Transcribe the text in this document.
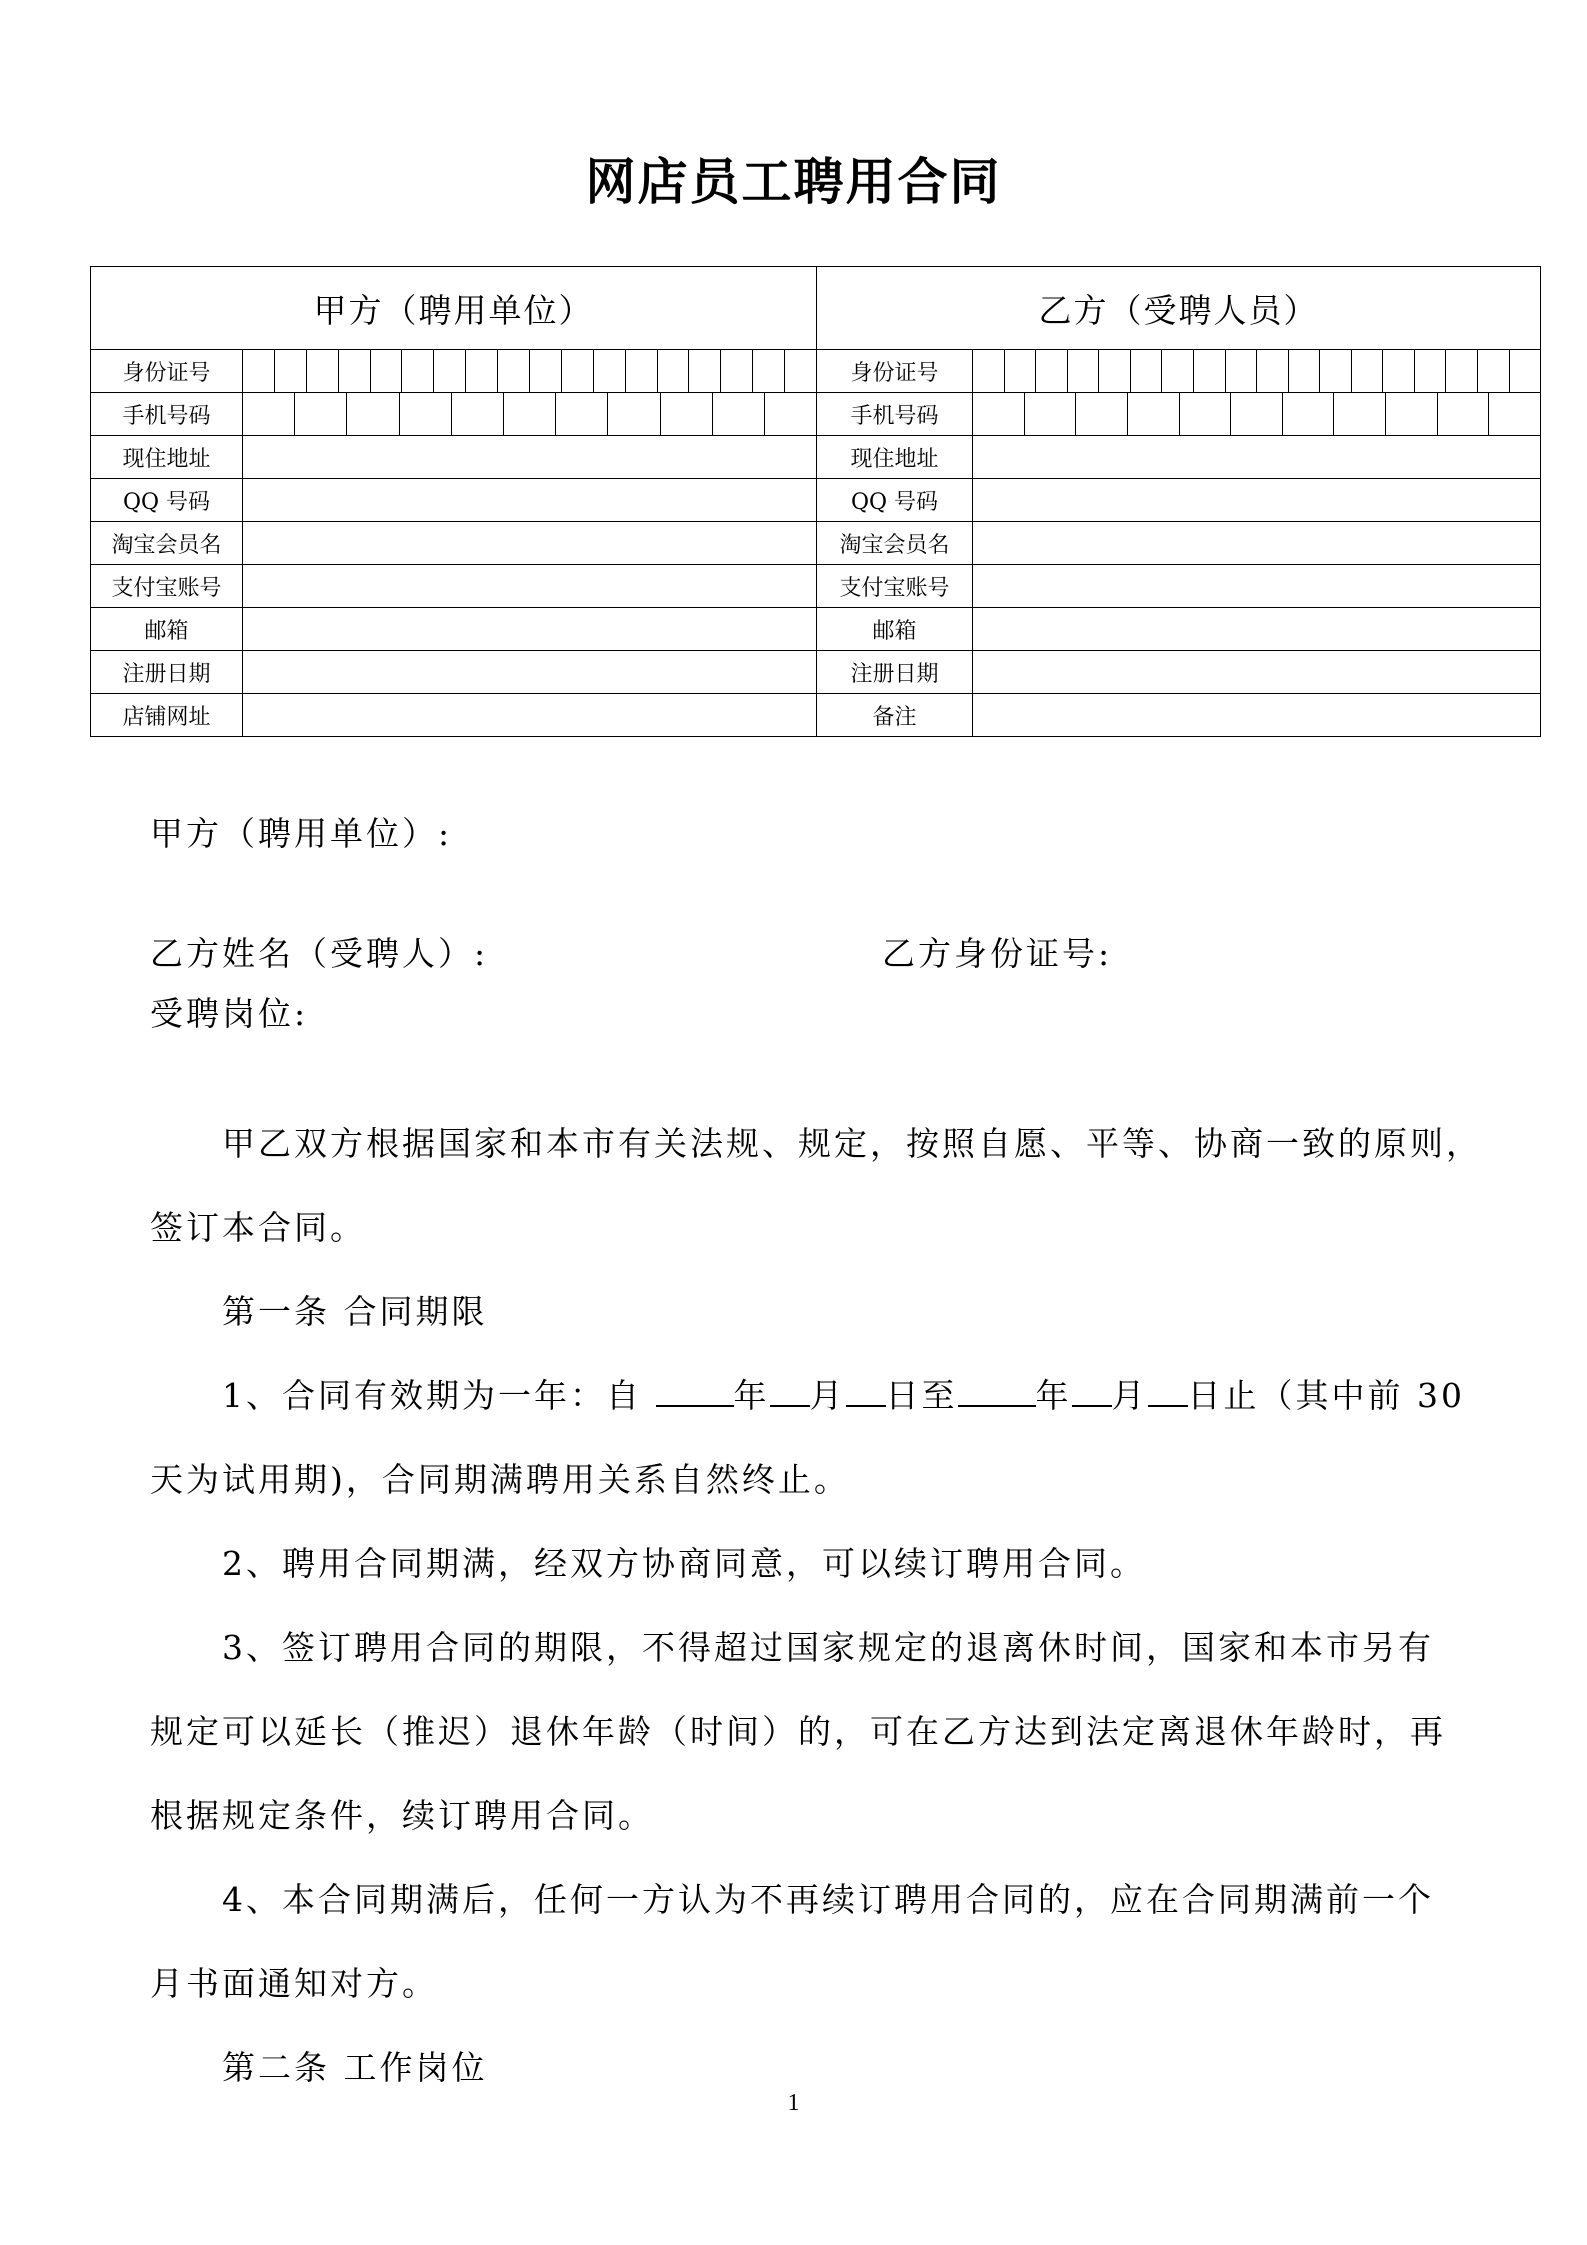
网店员工聘用合同
甲方（聘用单位）		乙方（受聘人员）	
身份证号		身份证号	

手机号码		手机号码	

现住地址		现住地址	
QQ 号码		QQ 号码	
淘宝会员名		淘宝会员名	
支付宝账号		支付宝账号	
邮箱		邮箱	
注册日期		注册日期	
店铺网址		备注	
甲方（聘用单位）:
乙方姓名（受聘人）:	乙方身份证号:
受聘岗位:
甲乙双方根据国家和本市有关法规、规定，按照自愿、平等、协商一致的原则，
签订本合同。
第一条 合同期限
1、合同有效期为一年：自 年 月 日至 年 月 日止（其中前 30
天为试用期)，合同期满聘用关系自然终止。
2、聘用合同期满，经双方协商同意，可以续订聘用合同。
3、签订聘用合同的期限，不得超过国家规定的退离休时间，国家和本市另有
规定可以延长（推迟）退休年龄（时间）的，可在乙方达到法定离退休年龄时，再
根据规定条件，续订聘用合同。
4、本合同期满后，任何一方认为不再续订聘用合同的，应在合同期满前一个
月书面通知对方。
第二条 工作岗位
1
